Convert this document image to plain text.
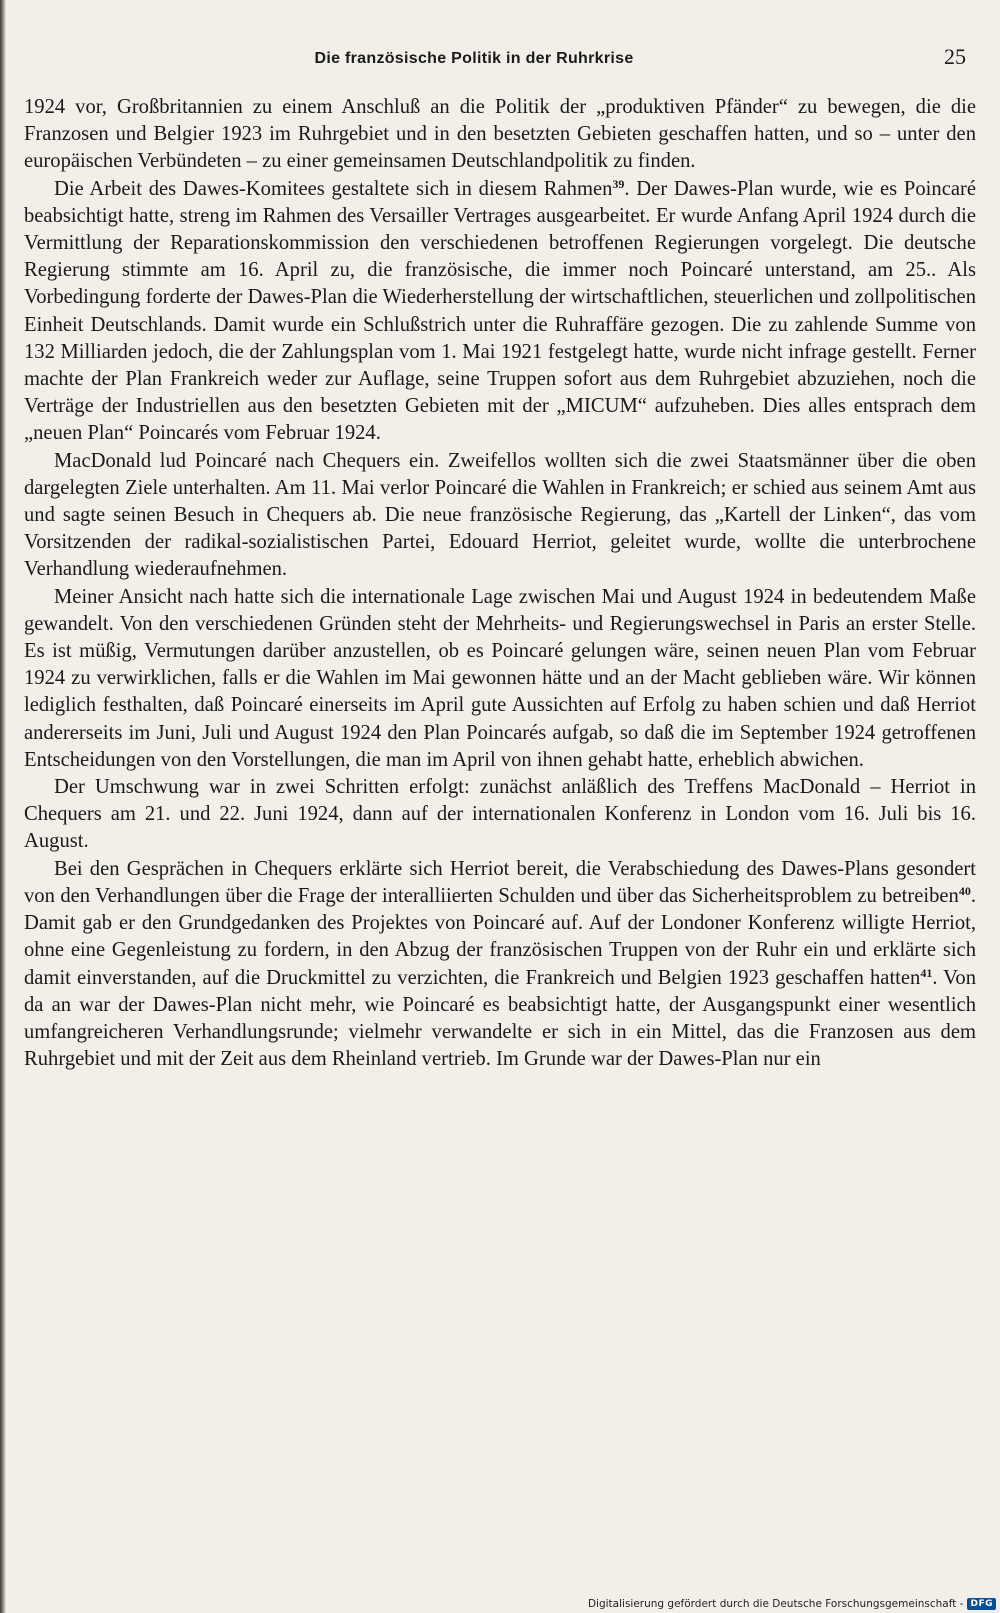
Die französische Politik in der Ruhrkrise	25

1924 vor, Großbritannien zu einem Anschluß an die Politik der „produktiven Pfänder“ zu bewegen, die die Franzosen und Belgier 1923 im Ruhrgebiet und in den besetzten Gebieten geschaffen hatten, und so – unter den europäischen Verbündeten – zu einer gemeinsamen Deutschlandpolitik zu finden.

Die Arbeit des Dawes-Komitees gestaltete sich in diesem Rahmen$^{39}$. Der Dawes-Plan wurde, wie es Poincaré beabsichtigt hatte, streng im Rahmen des Versailler Vertrages ausgearbeitet. Er wurde Anfang April 1924 durch die Vermittlung der Reparationskommission den verschiedenen betroffenen Regierungen vorgelegt. Die deutsche Regierung stimmte am 16. April zu, die französische, die immer noch Poincaré unterstand, am 25.. Als Vorbedingung forderte der Dawes-Plan die Wiederherstellung der wirtschaftlichen, steuerlichen und zollpolitischen Einheit Deutschlands. Damit wurde ein Schlußstrich unter die Ruhraffäre gezogen. Die zu zahlende Summe von 132 Milliarden jedoch, die der Zahlungsplan vom 1. Mai 1921 festgelegt hatte, wurde nicht infrage gestellt. Ferner machte der Plan Frankreich weder zur Auflage, seine Truppen sofort aus dem Ruhrgebiet abzuziehen, noch die Verträge der Industriellen aus den besetzten Gebieten mit der „MICUM“ aufzuheben. Dies alles entsprach dem „neuen Plan“ Poincarés vom Februar 1924.

MacDonald lud Poincaré nach Chequers ein. Zweifellos wollten sich die zwei Staatsmänner über die oben dargelegten Ziele unterhalten. Am 11. Mai verlor Poincaré die Wahlen in Frankreich; er schied aus seinem Amt aus und sagte seinen Besuch in Chequers ab. Die neue französische Regierung, das „Kartell der Linken“, das vom Vorsitzenden der radikal-sozialistischen Partei, Edouard Herriot, geleitet wurde, wollte die unterbrochene Verhandlung wiederaufnehmen.

Meiner Ansicht nach hatte sich die internationale Lage zwischen Mai und August 1924 in bedeutendem Maße gewandelt. Von den verschiedenen Gründen steht der Mehrheits- und Regierungswechsel in Paris an erster Stelle. Es ist müßig, Vermutungen darüber anzustellen, ob es Poincaré gelungen wäre, seinen neuen Plan vom Februar 1924 zu verwirklichen, falls er die Wahlen im Mai gewonnen hätte und an der Macht geblieben wäre. Wir können lediglich festhalten, daß Poincaré einerseits im April gute Aussichten auf Erfolg zu haben schien und daß Herriot andererseits im Juni, Juli und August 1924 den Plan Poincarés aufgab, so daß die im September 1924 getroffenen Entscheidungen von den Vorstellungen, die man im April von ihnen gehabt hatte, erheblich abwichen.

Der Umschwung war in zwei Schritten erfolgt: zunächst anläßlich des Treffens MacDonald – Herriot in Chequers am 21. und 22. Juni 1924, dann auf der internationalen Konferenz in London vom 16. Juli bis 16. August.

Bei den Gesprächen in Chequers erklärte sich Herriot bereit, die Verabschiedung des Dawes-Plans gesondert von den Verhandlungen über die Frage der interalliierten Schulden und über das Sicherheitsproblem zu betreiben$^{40}$. Damit gab er den Grundgedanken des Projektes von Poincaré auf. Auf der Londoner Konferenz willigte Herriot, ohne eine Gegenleistung zu fordern, in den Abzug der französischen Truppen von der Ruhr ein und erklärte sich damit einverstanden, auf die Druckmittel zu verzichten, die Frankreich und Belgien 1923 geschaffen hatten$^{41}$. Von da an war der Dawes-Plan nicht mehr, wie Poincaré es beabsichtigt hatte, der Ausgangspunkt einer wesentlich umfangreicheren Verhandlungsrunde; vielmehr verwandelte er sich in ein Mittel, das die Franzosen aus dem Ruhrgebiet und mit der Zeit aus dem Rheinland vertrieb. Im Grunde war der Dawes-Plan nur ein

Digitalisierung gefördert durch die Deutsche Forschungsgemeinschaft - DFG
